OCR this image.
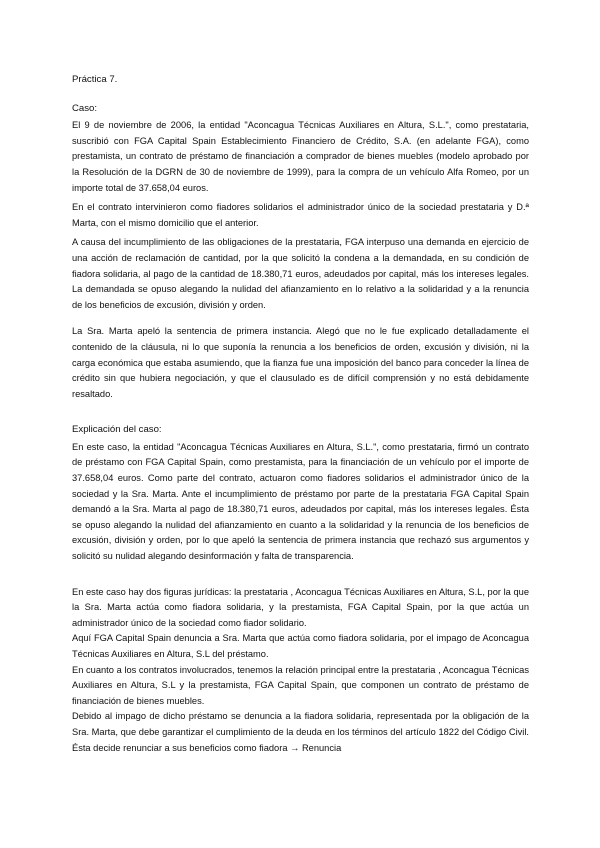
Práctica 7.

Caso:

El 9 de noviembre de 2006, la entidad "Aconcagua Técnicas Auxiliares en Altura, S.L.", como prestataria, suscribió con FGA Capital Spain Establecimiento Financiero de Crédito, S.A. (en adelante FGA), como prestamista, un contrato de préstamo de financiación a comprador de bienes muebles (modelo aprobado por la Resolución de la DGRN de 30 de noviembre de 1999), para la compra de un vehículo Alfa Romeo, por un importe total de 37.658,04 euros.

En el contrato intervinieron como fiadores solidarios el administrador único de la sociedad prestataria y D.ª Marta, con el mismo domicilio que el anterior.

A causa del incumplimiento de las obligaciones de la prestataria, FGA interpuso una demanda en ejercicio de una acción de reclamación de cantidad, por la que solicitó la condena a la demandada, en su condición de fiadora solidaria, al pago de la cantidad de 18.380,71 euros, adeudados por capital, más los intereses legales. La demandada se opuso alegando la nulidad del afianzamiento en lo relativo a la solidaridad y a la renuncia de los beneficios de excusión, división y orden.

La Sra. Marta apeló la sentencia de primera instancia. Alegó que no le fue explicado detalladamente el contenido de la cláusula, ni lo que suponía la renuncia a los beneficios de orden, excusión y división, ni la carga económica que estaba asumiendo, que la fianza fue una imposición del banco para conceder la línea de crédito sin que hubiera negociación, y que el clausulado es de difícil comprensión y no está debidamente resaltado.

Explicación del caso:

En este caso, la entidad "Aconcagua Técnicas Auxiliares en Altura, S.L.", como prestataria, firmó un contrato de préstamo con FGA Capital Spain, como prestamista, para la financiación de un vehículo por el importe de 37.658,04 euros. Como parte del contrato, actuaron como fiadores solidarios el administrador único de la sociedad y la Sra. Marta. Ante el incumplimiento de préstamo por parte de la prestataria FGA Capital Spain demandó a la Sra. Marta al pago de 18.380,71 euros, adeudados por capital, más los intereses legales. Ésta se opuso alegando la nulidad del afianzamiento en cuanto a la solidaridad y la renuncia de los beneficios de excusión, división y orden, por lo que apeló la sentencia de primera instancia que rechazó sus argumentos y solicitó su nulidad alegando desinformación y falta de transparencia.

En este caso hay dos figuras jurídicas: la prestataria , Aconcagua Técnicas Auxiliares en Altura, S.L, por la que la Sra. Marta actúa como fiadora solidaria, y la prestamista, FGA Capital Spain, por la que actúa un administrador único de la sociedad como fiador solidario.

Aquí FGA Capital Spain denuncia a Sra. Marta que actúa como fiadora solidaria, por el impago de Aconcagua Técnicas Auxiliares en Altura, S.L del préstamo.

En cuanto a los contratos involucrados, tenemos la relación principal entre la prestataria , Aconcagua Técnicas Auxiliares en Altura, S.L y la prestamista, FGA Capital Spain, que componen un contrato de préstamo de financiación de bienes muebles.

Debido al impago de dicho préstamo se denuncia a la fiadora solidaria, representada por la obligación de la Sra. Marta, que debe garantizar el cumplimiento de la deuda en los términos del artículo 1822 del Código Civil. Ésta decide renunciar a sus beneficios como fiadora → Renuncia
